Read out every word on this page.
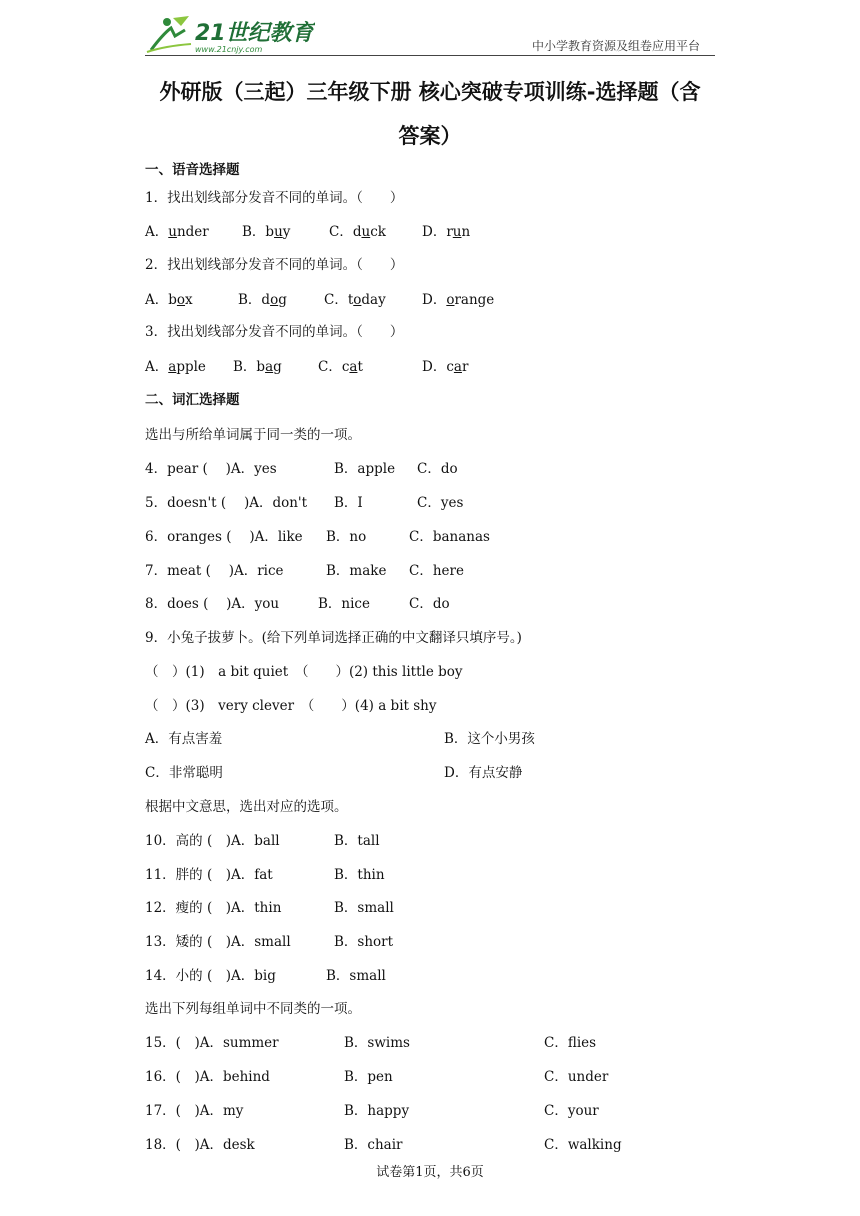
21世纪教育
www.21cnjy.com	中小学教育资源及组卷应用平台
外研版（三起）三年级下册 核心突破专项训练-选择题（含
答案）
一、语音选择题
1．找出划线部分发音不同的单词。（　　）
A．under B．buy	C．duck	D．run
2．找出划线部分发音不同的单词。（　　）
A．box	B．dog	C．today	D．orange
3．找出划线部分发音不同的单词。（　　）
A．apple B．bag	C．cat	D．car
二、词汇选择题
选出与所给单词属于同一类的一项。
4．pear (　 )A．yes	B．apple C．do
5．doesn't (　 )A．don't B．I	C．yes
6．oranges (　 )A．like B．no	C．bananas
7．meat (　 )A．rice	B．make C．here
8．does (　 )A．you	B．nice	C．do
9．小兔子拔萝卜。(给下列单词选择正确的中文翻译只填序号。)
（　）(1)　a bit quiet　（　　）(2) this little boy
（　）(3)　very clever　（　　）(4) a bit shy
A．有点害羞	B．这个小男孩
C．非常聪明	D．有点安静
根据中文意思，选出对应的选项。
10．高的 (　)A．ball	B．tall
11．胖的 (　)A．fat	B．thin
12．瘦的 (　)A．thin	B．small
13．矮的 (　)A．small	B．short
14．小的 (　)A．big	B．small
选出下列每组单词中不同类的一项。
15．(　)A．summer	B．swims	C．flies
16．(　)A．behind	B．pen	C．under
17．(　)A．my	B．happy	C．your
18．(　)A．desk	B．chair	C．walking
试卷第1页，共6页
